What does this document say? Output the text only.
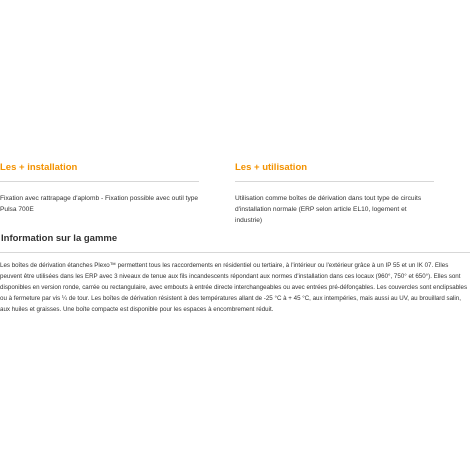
Les + installation

Fixation avec rattrapage d'aplomb - Fixation possible avec outil type Pulsa 700E

Les + utilisation

Utilisation comme boîtes de dérivation dans tout type de circuits d'installation normale (ERP selon article EL10, logement et industrie)

Information sur la gamme

Les boîtes de dérivation étanches Plexo™ permettent tous les raccordements en résidentiel ou tertiaire, à l'intérieur ou l'extérieur grâce à un IP 55 et un IK 07. Elles peuvent être utilisées dans les ERP avec 3 niveaux de tenue aux fils incandescents répondant aux normes d'installation dans ces locaux (960°, 750° et 650°). Elles sont disponibles en version ronde, carrée ou rectangulaire, avec embouts à entrée directe interchangeables ou avec entrées pré-défonçables. Les couvercles sont enclipsables ou à fermeture par vis ¼ de tour. Les boîtes de dérivation résistent à des températures allant de -25 °C à + 45 °C, aux intempéries, mais aussi au UV, au brouillard salin, aux huiles et graisses. Une boîte compacte est disponible pour les espaces à encombrement réduit.
